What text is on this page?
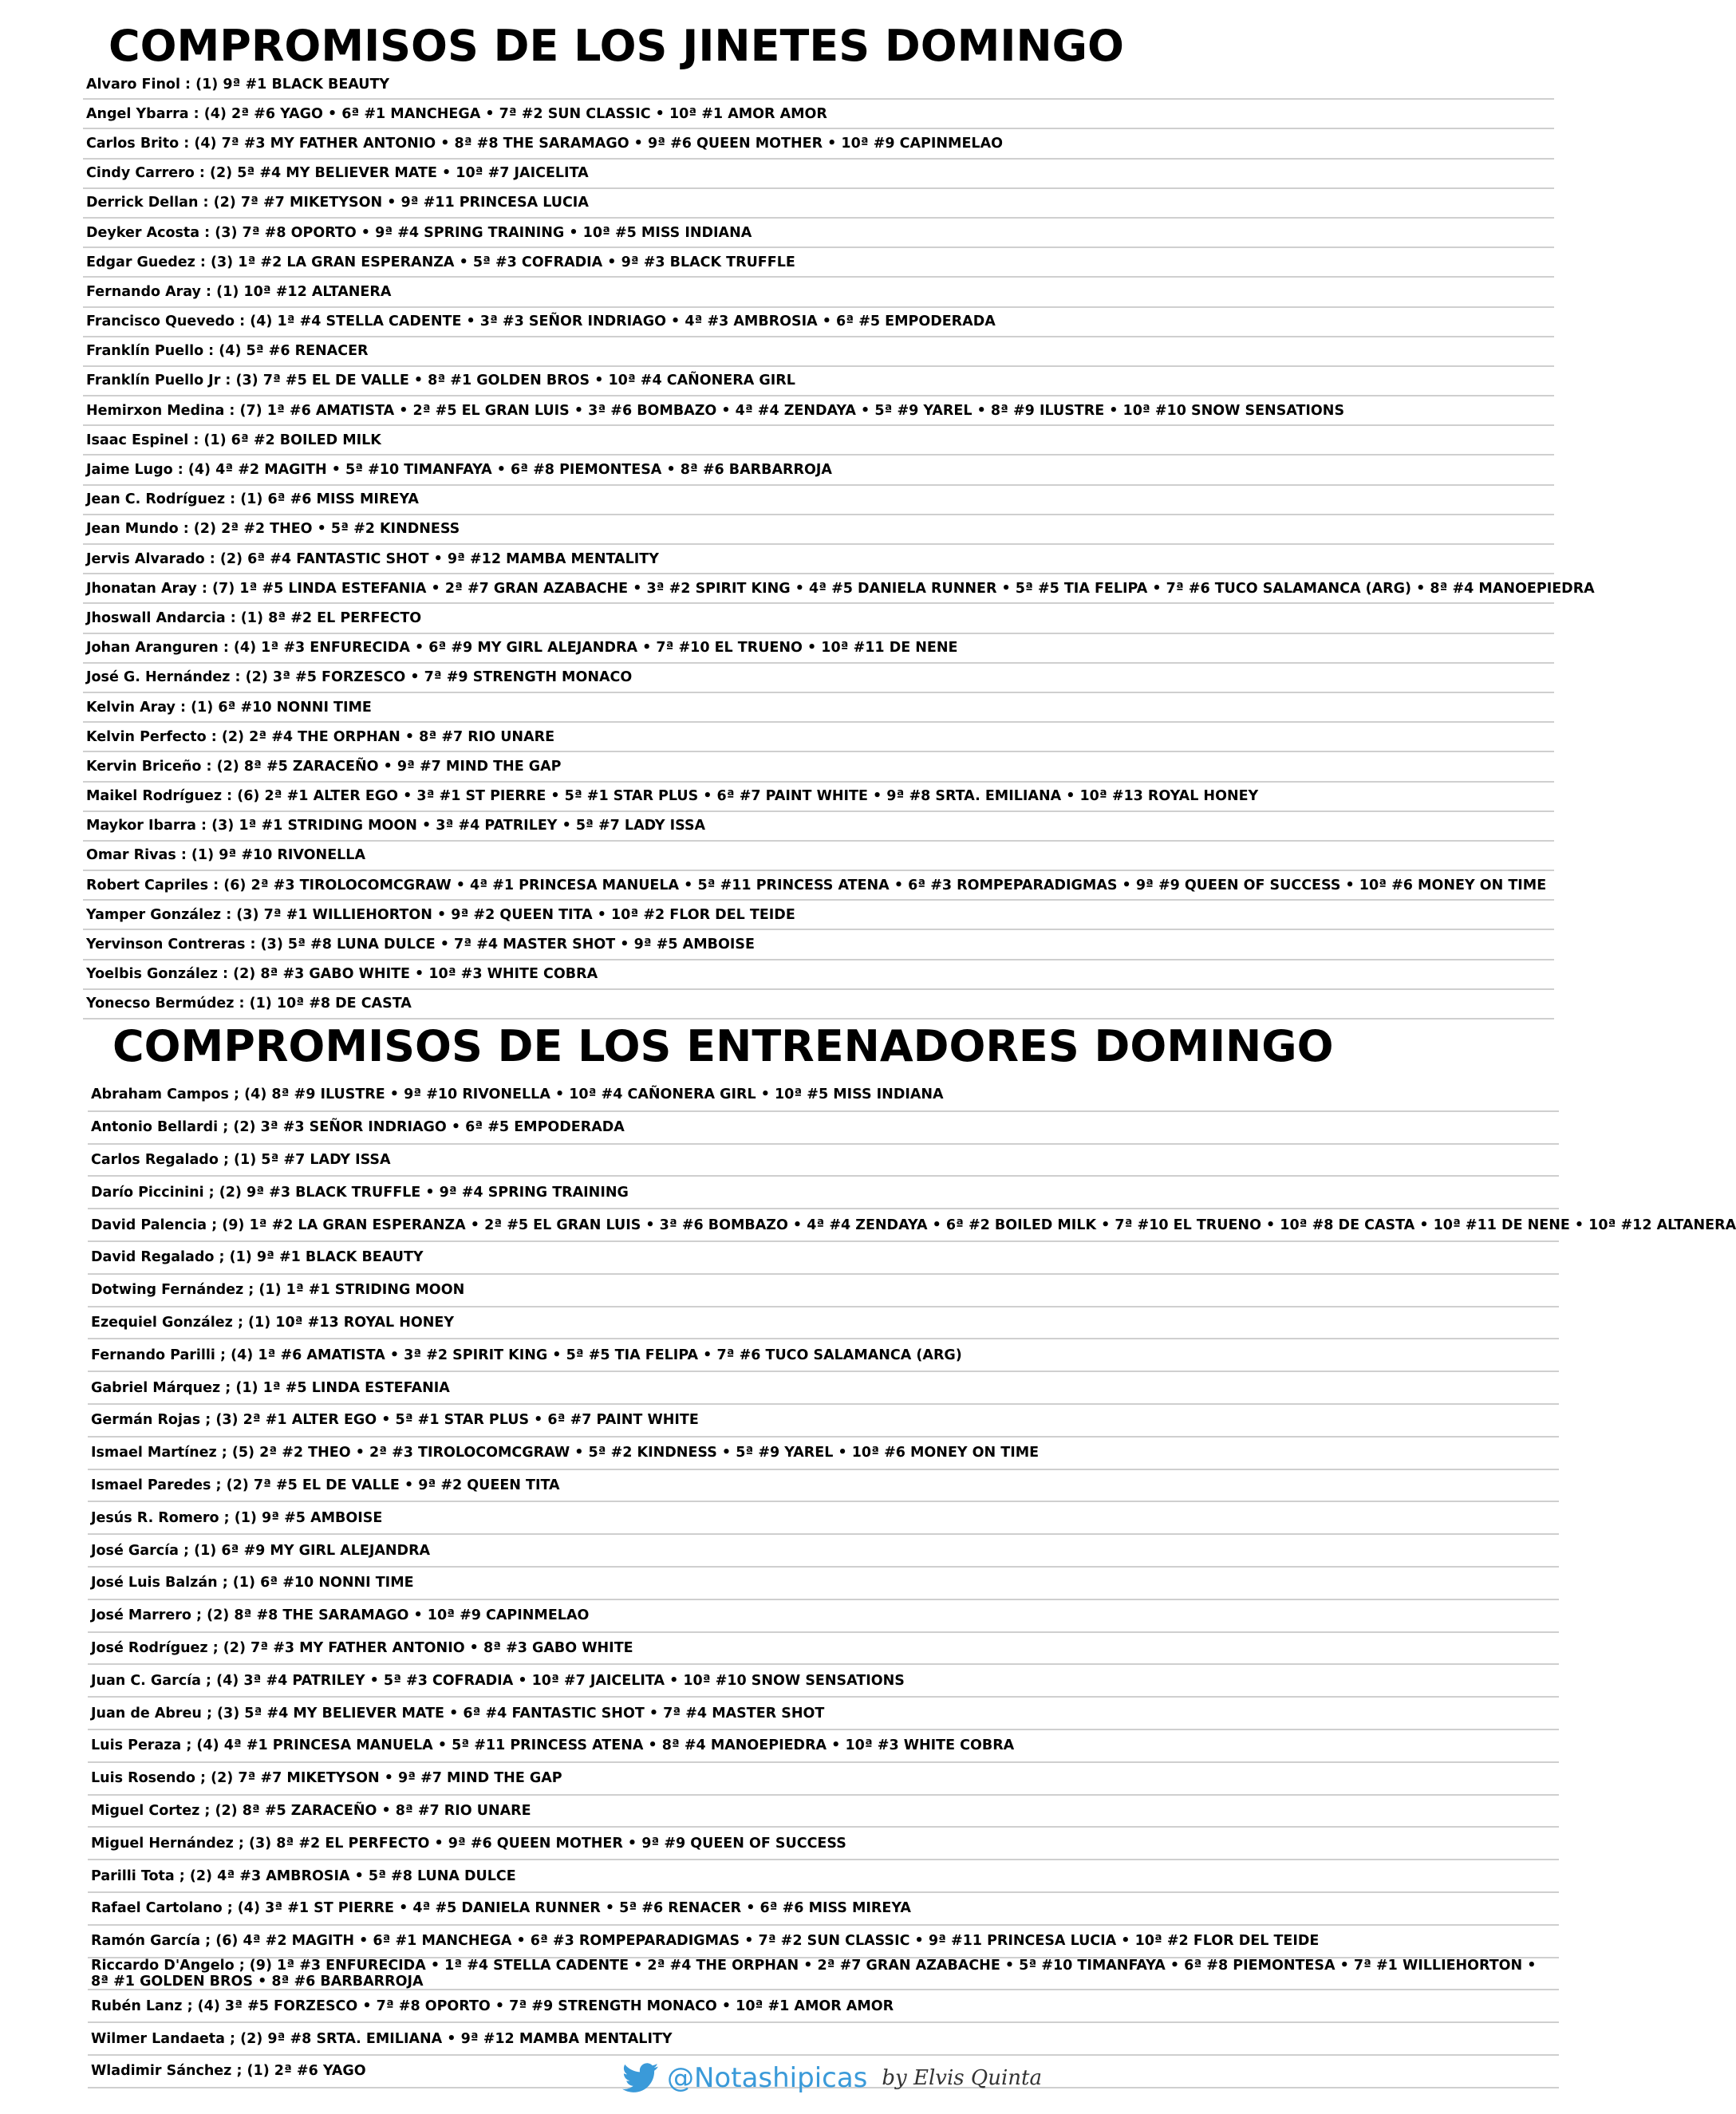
COMPROMISOS DE LOS JINETES DOMINGO
Alvaro Finol : (1) 9ª #1 BLACK BEAUTY
Angel Ybarra : (4) 2ª #6 YAGO • 6ª #1 MANCHEGA • 7ª #2 SUN CLASSIC • 10ª #1 AMOR AMOR
Carlos Brito : (4) 7ª #3 MY FATHER ANTONIO • 8ª #8 THE SARAMAGO • 9ª #6 QUEEN MOTHER • 10ª #9 CAPINMELAO
Cindy Carrero : (2) 5ª #4 MY BELIEVER MATE • 10ª #7 JAICELITA
Derrick Dellan : (2) 7ª #7 MIKETYSON • 9ª #11 PRINCESA LUCIA
Deyker Acosta : (3) 7ª #8 OPORTO • 9ª #4 SPRING TRAINING • 10ª #5 MISS INDIANA
Edgar Guedez : (3) 1ª #2 LA GRAN ESPERANZA • 5ª #3 COFRADIA • 9ª #3 BLACK TRUFFLE
Fernando Aray : (1) 10ª #12 ALTANERA
Francisco Quevedo : (4) 1ª #4 STELLA CADENTE • 3ª #3 SEÑOR INDRIAGO • 4ª #3 AMBROSIA • 6ª #5 EMPODERADA
Franklín Puello : (4) 5ª #6 RENACER
Franklín Puello Jr : (3) 7ª #5 EL DE VALLE • 8ª #1 GOLDEN BROS • 10ª #4 CAÑONERA GIRL
Hemirxon Medina : (7) 1ª #6 AMATISTA • 2ª #5 EL GRAN LUIS • 3ª #6 BOMBAZO • 4ª #4 ZENDAYA • 5ª #9 YAREL • 8ª #9 ILUSTRE • 10ª #10 SNOW SENSATIONS
Isaac Espinel : (1) 6ª #2 BOILED MILK
Jaime Lugo : (4) 4ª #2 MAGITH • 5ª #10 TIMANFAYA • 6ª #8 PIEMONTESA • 8ª #6 BARBARROJA
Jean C. Rodríguez : (1) 6ª #6 MISS MIREYA
Jean Mundo : (2) 2ª #2 THEO • 5ª #2 KINDNESS
Jervis Alvarado : (2) 6ª #4 FANTASTIC SHOT • 9ª #12 MAMBA MENTALITY
Jhonatan Aray : (7) 1ª #5 LINDA ESTEFANIA • 2ª #7 GRAN AZABACHE • 3ª #2 SPIRIT KING • 4ª #5 DANIELA RUNNER • 5ª #5 TIA FELIPA • 7ª #6 TUCO SALAMANCA (ARG) • 8ª #4 MANOEPIEDRA
Jhoswall Andarcia : (1) 8ª #2 EL PERFECTO
Johan Aranguren : (4) 1ª #3 ENFURECIDA • 6ª #9 MY GIRL ALEJANDRA • 7ª #10 EL TRUENO • 10ª #11 DE NENE
José G. Hernández : (2) 3ª #5 FORZESCO • 7ª #9 STRENGTH MONACO
Kelvin Aray : (1) 6ª #10 NONNI TIME
Kelvin Perfecto : (2) 2ª #4 THE ORPHAN • 8ª #7 RIO UNARE
Kervin Briceño : (2) 8ª #5 ZARACEÑO • 9ª #7 MIND THE GAP
Maikel Rodríguez : (6) 2ª #1 ALTER EGO • 3ª #1 ST PIERRE • 5ª #1 STAR PLUS • 6ª #7 PAINT WHITE • 9ª #8 SRTA. EMILIANA • 10ª #13 ROYAL HONEY
Maykor Ibarra : (3) 1ª #1 STRIDING MOON • 3ª #4 PATRILEY • 5ª #7 LADY ISSA
Omar Rivas : (1) 9ª #10 RIVONELLA
Robert Capriles : (6) 2ª #3 TIROLOCOMCGRAW • 4ª #1 PRINCESA MANUELA • 5ª #11 PRINCESS ATENA • 6ª #3 ROMPEPARADIGMAS • 9ª #9 QUEEN OF SUCCESS • 10ª #6 MONEY ON TIME
Yamper González : (3) 7ª #1 WILLIEHORTON • 9ª #2 QUEEN TITA • 10ª #2 FLOR DEL TEIDE
Yervinson Contreras : (3) 5ª #8 LUNA DULCE • 7ª #4 MASTER SHOT • 9ª #5 AMBOISE
Yoelbis González : (2) 8ª #3 GABO WHITE • 10ª #3 WHITE COBRA
Yonecso Bermúdez : (1) 10ª #8 DE CASTA
COMPROMISOS DE LOS ENTRENADORES DOMINGO
Abraham Campos ; (4) 8ª #9 ILUSTRE • 9ª #10 RIVONELLA • 10ª #4 CAÑONERA GIRL • 10ª #5 MISS INDIANA
Antonio Bellardi ; (2) 3ª #3 SEÑOR INDRIAGO • 6ª #5 EMPODERADA
Carlos Regalado ; (1) 5ª #7 LADY ISSA
Darío Piccinini ; (2) 9ª #3 BLACK TRUFFLE • 9ª #4 SPRING TRAINING
David Palencia ; (9) 1ª #2 LA GRAN ESPERANZA • 2ª #5 EL GRAN LUIS • 3ª #6 BOMBAZO • 4ª #4 ZENDAYA • 6ª #2 BOILED MILK • 7ª #10 EL TRUENO • 10ª #8 DE CASTA • 10ª #11 DE NENE • 10ª #12 ALTANERA
David Regalado ; (1) 9ª #1 BLACK BEAUTY
Dotwing Fernández ; (1) 1ª #1 STRIDING MOON
Ezequiel González ; (1) 10ª #13 ROYAL HONEY
Fernando Parilli ; (4) 1ª #6 AMATISTA • 3ª #2 SPIRIT KING • 5ª #5 TIA FELIPA • 7ª #6 TUCO SALAMANCA (ARG)
Gabriel Márquez ; (1) 1ª #5 LINDA ESTEFANIA
Germán Rojas ; (3) 2ª #1 ALTER EGO • 5ª #1 STAR PLUS • 6ª #7 PAINT WHITE
Ismael Martínez ; (5) 2ª #2 THEO • 2ª #3 TIROLOCOMCGRAW • 5ª #2 KINDNESS • 5ª #9 YAREL • 10ª #6 MONEY ON TIME
Ismael Paredes ; (2) 7ª #5 EL DE VALLE • 9ª #2 QUEEN TITA
Jesús R. Romero ; (1) 9ª #5 AMBOISE
José García ; (1) 6ª #9 MY GIRL ALEJANDRA
José Luis Balzán ; (1) 6ª #10 NONNI TIME
José Marrero ; (2) 8ª #8 THE SARAMAGO • 10ª #9 CAPINMELAO
José Rodríguez ; (2) 7ª #3 MY FATHER ANTONIO • 8ª #3 GABO WHITE
Juan C. García ; (4) 3ª #4 PATRILEY • 5ª #3 COFRADIA • 10ª #7 JAICELITA • 10ª #10 SNOW SENSATIONS
Juan de Abreu ; (3) 5ª #4 MY BELIEVER MATE • 6ª #4 FANTASTIC SHOT • 7ª #4 MASTER SHOT
Luis Peraza ; (4) 4ª #1 PRINCESA MANUELA • 5ª #11 PRINCESS ATENA • 8ª #4 MANOEPIEDRA • 10ª #3 WHITE COBRA
Luis Rosendo ; (2) 7ª #7 MIKETYSON • 9ª #7 MIND THE GAP
Miguel Cortez ; (2) 8ª #5 ZARACEÑO • 8ª #7 RIO UNARE
Miguel Hernández ; (3) 8ª #2 EL PERFECTO • 9ª #6 QUEEN MOTHER • 9ª #9 QUEEN OF SUCCESS
Parilli Tota ; (2) 4ª #3 AMBROSIA • 5ª #8 LUNA DULCE
Rafael Cartolano ; (4) 3ª #1 ST PIERRE • 4ª #5 DANIELA RUNNER • 5ª #6 RENACER • 6ª #6 MISS MIREYA
Ramón García ; (6) 4ª #2 MAGITH • 6ª #1 MANCHEGA • 6ª #3 ROMPEPARADIGMAS • 7ª #2 SUN CLASSIC • 9ª #11 PRINCESA LUCIA • 10ª #2 FLOR DEL TEIDE
Riccardo D'Angelo ; (9) 1ª #3 ENFURECIDA • 1ª #4 STELLA CADENTE • 2ª #4 THE ORPHAN • 2ª #7 GRAN AZABACHE • 5ª #10 TIMANFAYA • 6ª #8 PIEMONTESA • 7ª #1 WILLIEHORTON • 8ª #1 GOLDEN BROS • 8ª #6 BARBARROJA
Rubén Lanz ; (4) 3ª #5 FORZESCO • 7ª #8 OPORTO • 7ª #9 STRENGTH MONACO • 10ª #1 AMOR AMOR
Wilmer Landaeta ; (2) 9ª #8 SRTA. EMILIANA • 9ª #12 MAMBA MENTALITY
Wladimir Sánchez ; (1) 2ª #6 YAGO	@Notashipicas by Elvis Quinta
